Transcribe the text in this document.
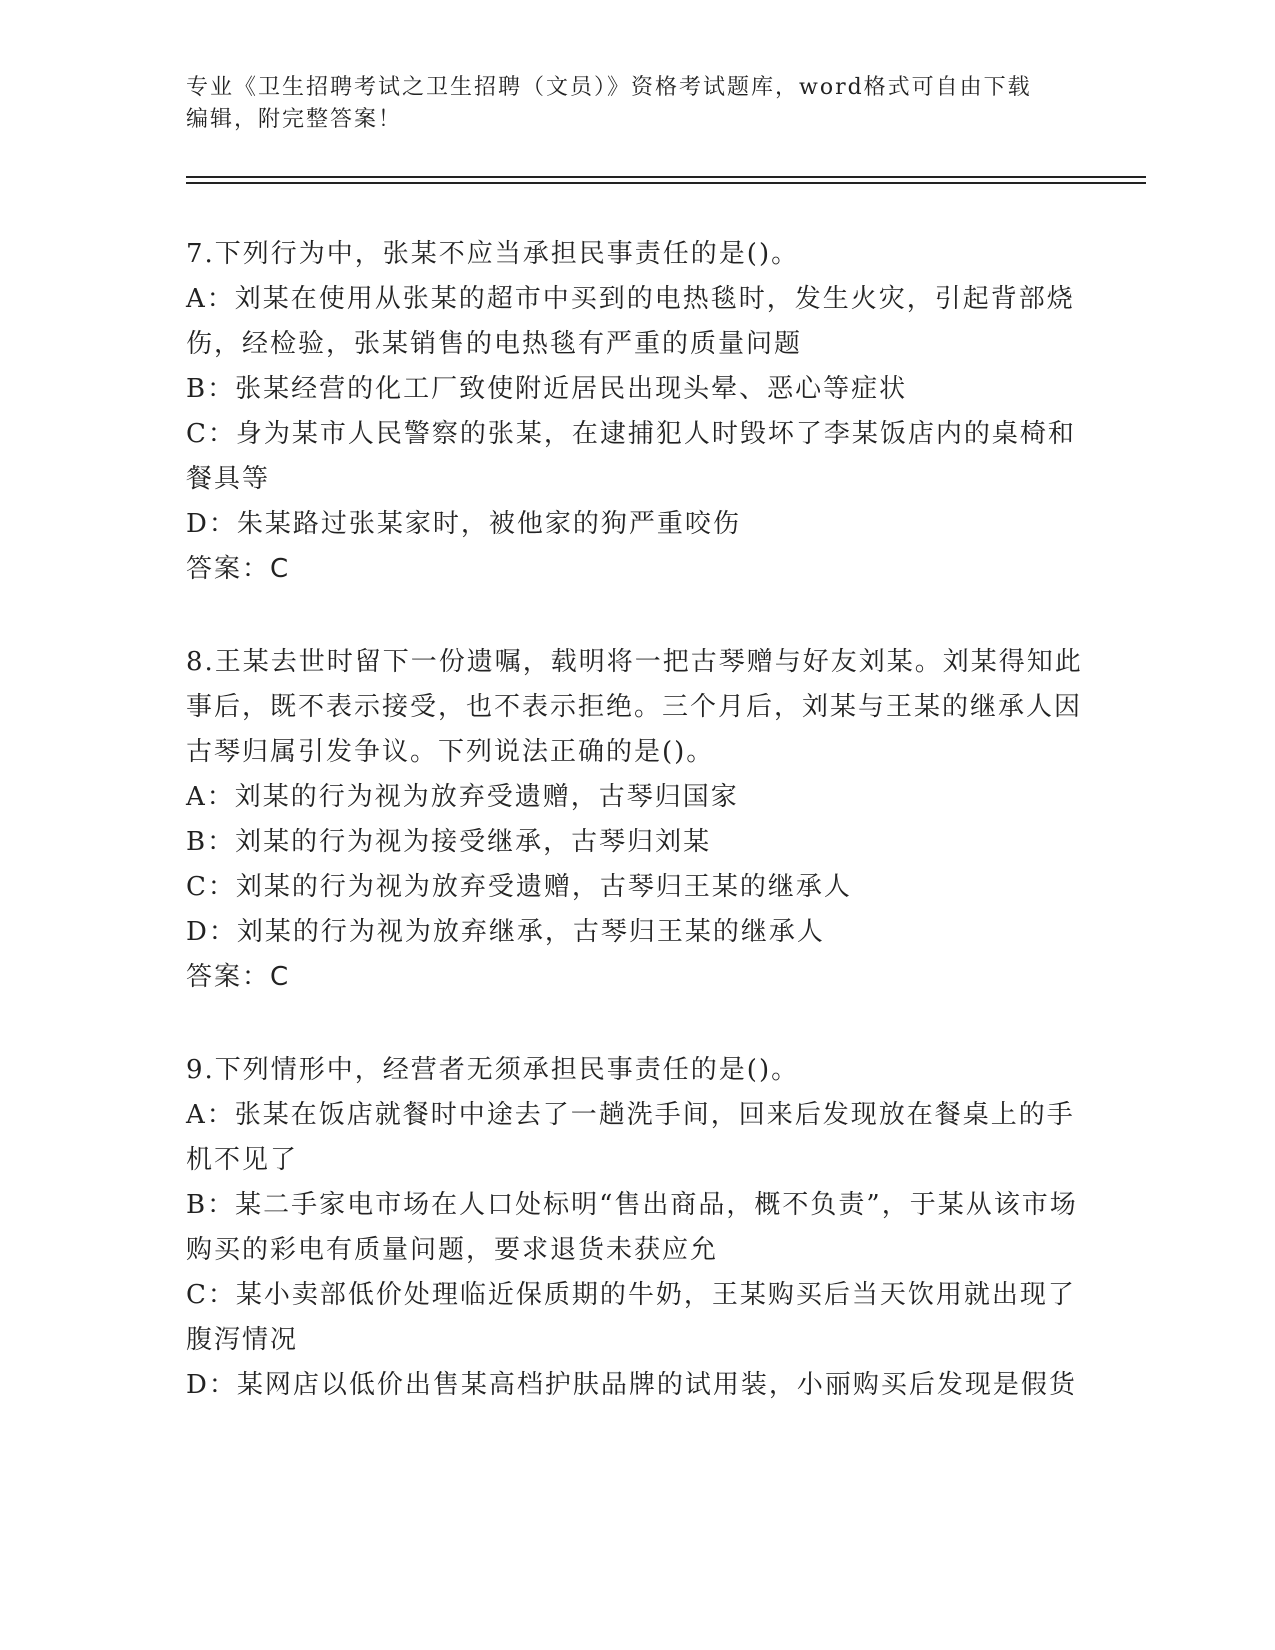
专业《卫生招聘考试之卫生招聘（文员）》资格考试题库，word格式可自由下载

编辑，附完整答案！

7.下列行为中，张某不应当承担民事责任的是()。

A：刘某在使用从张某的超市中买到的电热毯时，发生火灾，引起背部烧伤，经检验，张某销售的电热毯有严重的质量问题

B：张某经营的化工厂致使附近居民出现头晕、恶心等症状

C：身为某市人民警察的张某，在逮捕犯人时毁坏了李某饭店内的桌椅和餐具等

D：朱某路过张某家时，被他家的狗严重咬伤

答案：C

8.王某去世时留下一份遗嘱，载明将一把古琴赠与好友刘某。刘某得知此事后，既不表示接受，也不表示拒绝。三个月后，刘某与王某的继承人因古琴归属引发争议。下列说法正确的是()。

A：刘某的行为视为放弃受遗赠，古琴归国家

B：刘某的行为视为接受继承，古琴归刘某

C：刘某的行为视为放弃受遗赠，古琴归王某的继承人

D：刘某的行为视为放弃继承，古琴归王某的继承人

答案：C

9.下列情形中，经营者无须承担民事责任的是()。

A：张某在饭店就餐时中途去了一趟洗手间，回来后发现放在餐桌上的手机不见了

B：某二手家电市场在人口处标明“售出商品，概不负责”，于某从该市场购买的彩电有质量问题，要求退货未获应允

C：某小卖部低价处理临近保质期的牛奶，王某购买后当天饮用就出现了腹泻情况

D：某网店以低价出售某高档护肤品牌的试用装，小丽购买后发现是假货
